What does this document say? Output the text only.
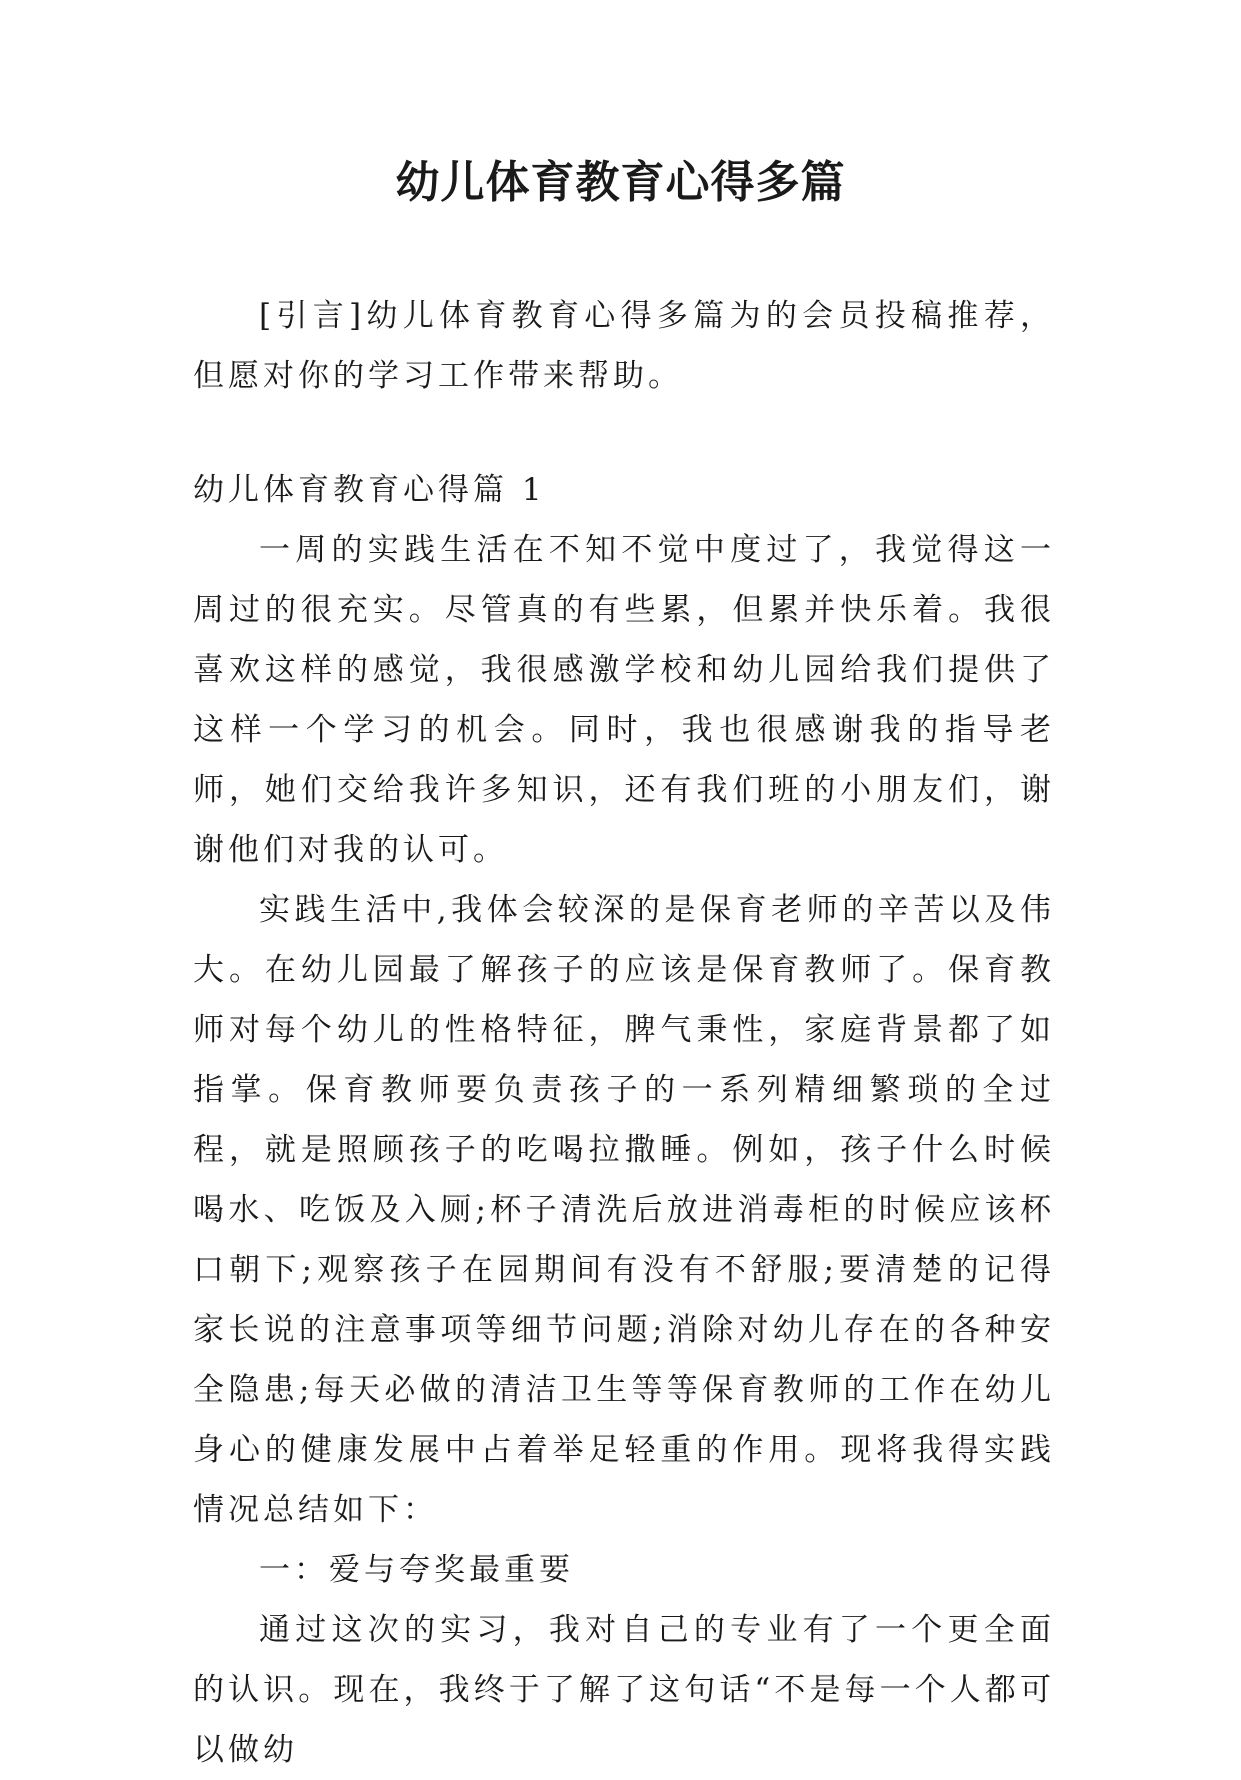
幼儿体育教育心得多篇

[引言]幼儿体育教育心得多篇为的会员投稿推荐，但愿对你的学习工作带来帮助。

幼儿体育教育心得篇 1

一周的实践生活在不知不觉中度过了，我觉得这一周过的很充实。尽管真的有些累，但累并快乐着。我很喜欢这样的感觉，我很感激学校和幼儿园给我们提供了这样一个学习的机会。同时，我也很感谢我的指导老师，她们交给我许多知识，还有我们班的小朋友们，谢谢他们对我的认可。

实践生活中,我体会较深的是保育老师的辛苦以及伟大。在幼儿园最了解孩子的应该是保育教师了。保育教师对每个幼儿的性格特征，脾气秉性，家庭背景都了如指掌。保育教师要负责孩子的一系列精细繁琐的全过程，就是照顾孩子的吃喝拉撒睡。例如，孩子什么时候喝水、吃饭及入厕;杯子清洗后放进消毒柜的时候应该杯口朝下;观察孩子在园期间有没有不舒服;要清楚的记得家长说的注意事项等细节问题;消除对幼儿存在的各种安全隐患;每天必做的清洁卫生等等保育教师的工作在幼儿身心的健康发展中占着举足轻重的作用。现将我得实践情况总结如下：

一：爱与夸奖最重要

通过这次的实习，我对自己的专业有了一个更全面的认识。现在，我终于了解了这句话“不是每一个人都可以做幼
